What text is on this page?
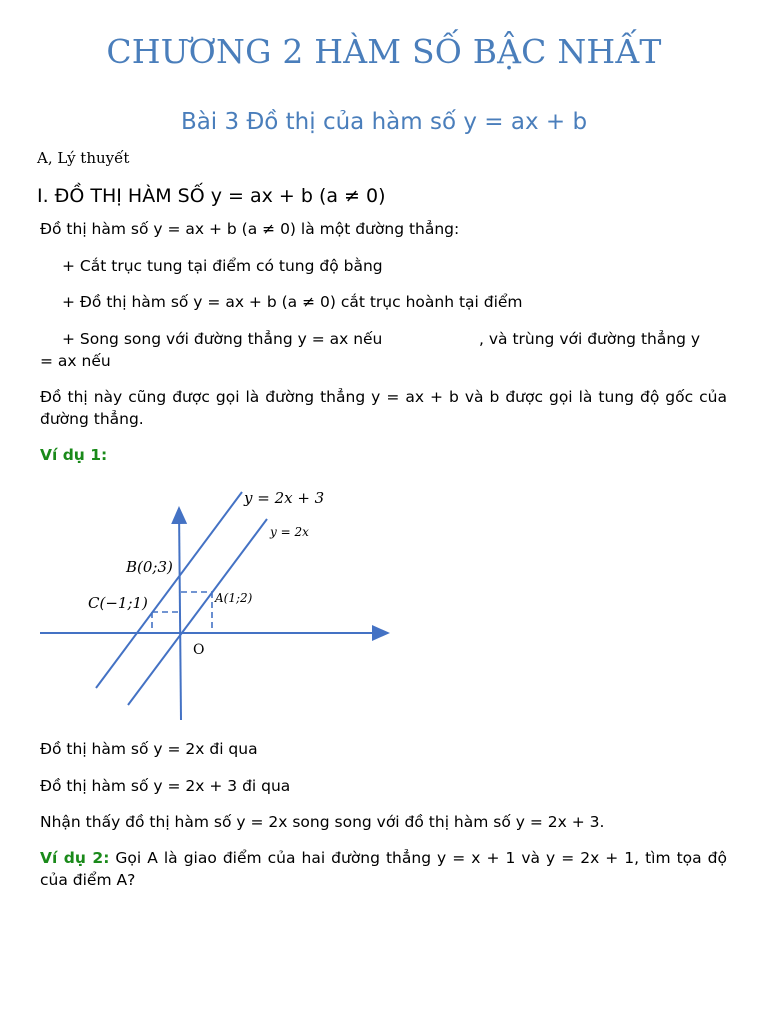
CHƯƠNG 2 HÀM SỐ BẬC NHẤT
Bài 3 Đồ thị của hàm số y = ax + b
A, Lý thuyết
I. ĐỒ THỊ HÀM SỐ y = ax + b (a ≠ 0)
Đồ thị hàm số y = ax + b (a ≠ 0) là một đường thẳng:
+ Cắt trục tung tại điểm có tung độ bằng
+ Đồ thị hàm số y = ax + b (a ≠ 0) cắt trục hoành tại điểm
+ Song song với đường thẳng y = ax nếu	, và trùng với đường thẳng y
= ax nếu
Đồ thị này cũng được gọi là đường thẳng y = ax + b và b được gọi là tung độ gốc của đường thẳng.
Ví dụ 1:
y = 2x + 3
y = 2x
B(0;3)
C(−1;1)	A(1;2)
O
Đồ thị hàm số y = 2x đi qua
Đồ thị hàm số y = 2x + 3 đi qua
Nhận thấy đồ thị hàm số y = 2x song song với đồ thị hàm số y = 2x + 3.
Ví dụ 2: Gọi A là giao điểm của hai đường thẳng y = x + 1 và y = 2x + 1, tìm tọa độ của điểm A?
